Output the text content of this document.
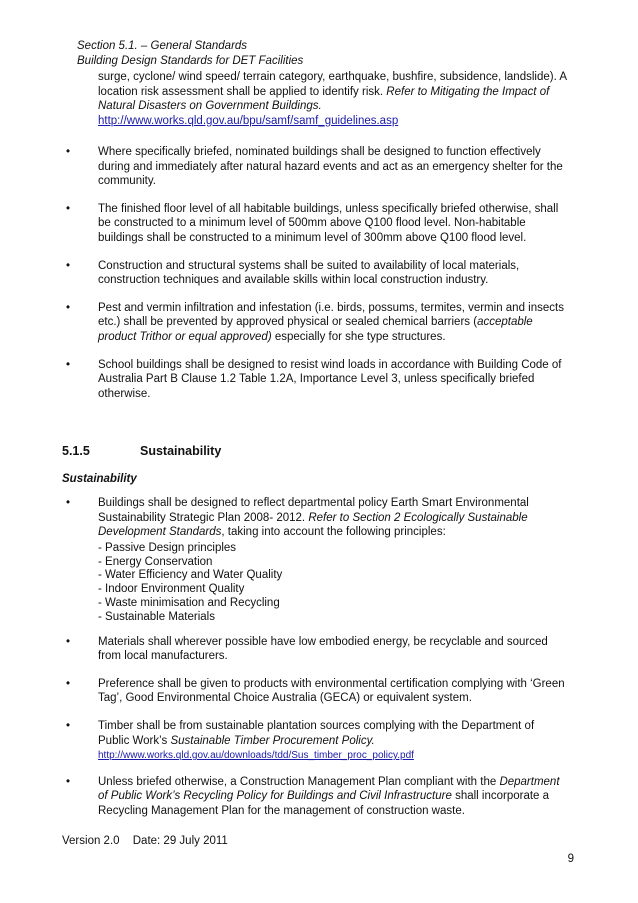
Section 5.1. – General Standards
Building Design Standards for DET Facilities
surge, cyclone/ wind speed/ terrain category, earthquake, bushfire, subsidence, landslide). A location risk assessment shall be applied to identify risk. Refer to Mitigating the Impact of Natural Disasters on Government Buildings.
http://www.works.qld.gov.au/bpu/samf/samf_guidelines.asp
• Where specifically briefed, nominated buildings shall be designed to function effectively during and immediately after natural hazard events and act as an emergency shelter for the community.
• The finished floor level of all habitable buildings, unless specifically briefed otherwise, shall be constructed to a minimum level of 500mm above Q100 flood level. Non-habitable buildings shall be constructed to a minimum level of 300mm above Q100 flood level.
• Construction and structural systems shall be suited to availability of local materials, construction techniques and available skills within local construction industry.
• Pest and vermin infiltration and infestation (i.e. birds, possums, termites, vermin and insects etc.) shall be prevented by approved physical or sealed chemical barriers (acceptable product Trithor or equal approved) especially for she type structures.
• School buildings shall be designed to resist wind loads in accordance with Building Code of Australia Part B Clause 1.2 Table 1.2A, Importance Level 3, unless specifically briefed otherwise.
5.1.5	Sustainability
Sustainability
• Buildings shall be designed to reflect departmental policy Earth Smart Environmental Sustainability Strategic Plan 2008- 2012. Refer to Section 2 Ecologically Sustainable Development Standards, taking into account the following principles:
- Passive Design principles
- Energy Conservation
- Water Efficiency and Water Quality
- Indoor Environment Quality
- Waste minimisation and Recycling
- Sustainable Materials
• Materials shall wherever possible have low embodied energy, be recyclable and sourced from local manufacturers.
• Preference shall be given to products with environmental certification complying with ‘Green Tag’, Good Environmental Choice Australia (GECA) or equivalent system.
• Timber shall be from sustainable plantation sources complying with the Department of Public Work’s Sustainable Timber Procurement Policy.
http://www.works.qld.gov.au/downloads/tdd/Sus_timber_proc_policy.pdf
• Unless briefed otherwise, a Construction Management Plan compliant with the Department of Public Work’s Recycling Policy for Buildings and Civil Infrastructure shall incorporate a Recycling Management Plan for the management of construction waste.
Version 2.0 Date: 29 July 2011
9
